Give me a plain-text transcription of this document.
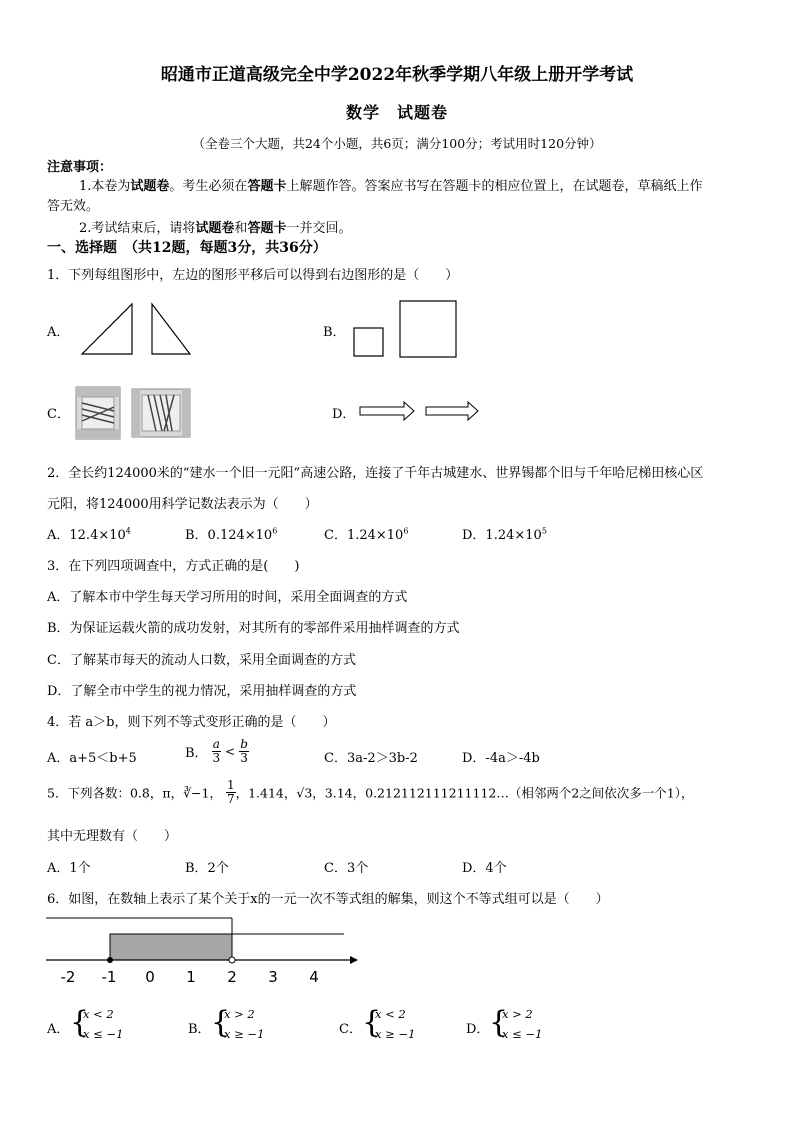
昭通市正道高级完全中学2022年秋季学期八年级上册开学考试
数学　试题卷
（全卷三个大题，共24个小题，共6页；满分100分；考试用时120分钟）
注意事项：
1.本卷为试题卷。考生必须在答题卡上解题作答。答案应书写在答题卡的相应位置上，在试题卷，草稿纸上作
答无效。
2.考试结束后，请将试题卷和答题卡一并交回。
一、选择题　（共12题，每题3分，共36分）
1．下列每组图形中，左边的图形平移后可以得到右边图形的是（　　）
A．	B．
C．	D．
2．全长约124000米的“建水一个旧一元阳”高速公路，连接了千年古城建水、世界锡都个旧与千年哈尼梯田核心区
元阳，将124000用科学记数法表示为（　　）
A．$12.4\times 10^4$	B．$0.124\times 10^6$	C．$1.24\times 10^6$	D．$1.24\times 10^5$
3．在下列四项调查中，方式正确的是(　　)
A．了解本市中学生每天学习所用的时间，采用全面调查的方式
B．为保证运载火箭的成功发射，对其所有的零部件采用抽样调查的方式
C．了解某市每天的流动人口数，采用全面调查的方式
D．了解全市中学生的视力情况，采用抽样调查的方式
4．若 a＞b，则下列不等式变形正确的是（　　）
A．a+5＜b+5	B． $\frac{a}{3} < \frac{b}{3}$	C．3a-2＞3b-2	D．-4a＞-4b
5．下列各数：0.8̇，π，∛−1， $\frac{1}{7}$ ，1.414，√3，3.14，0.212112111211112…（相邻两个2之间依次多一个1），
其中无理数有（　　）
A．1个	B．2个	C．3个	D．4个
6．如图，在数轴上表示了某个关于x的一元一次不等式组的解集，则这个不等式组可以是（　　）
-2 -1 0 1 2 3 4
A． {
x < 2
x ≤ −1	B． {
x > 2
x ≥ −1	C． {
x < 2
x ≥ −1	D． {
x > 2
x ≤ −1
